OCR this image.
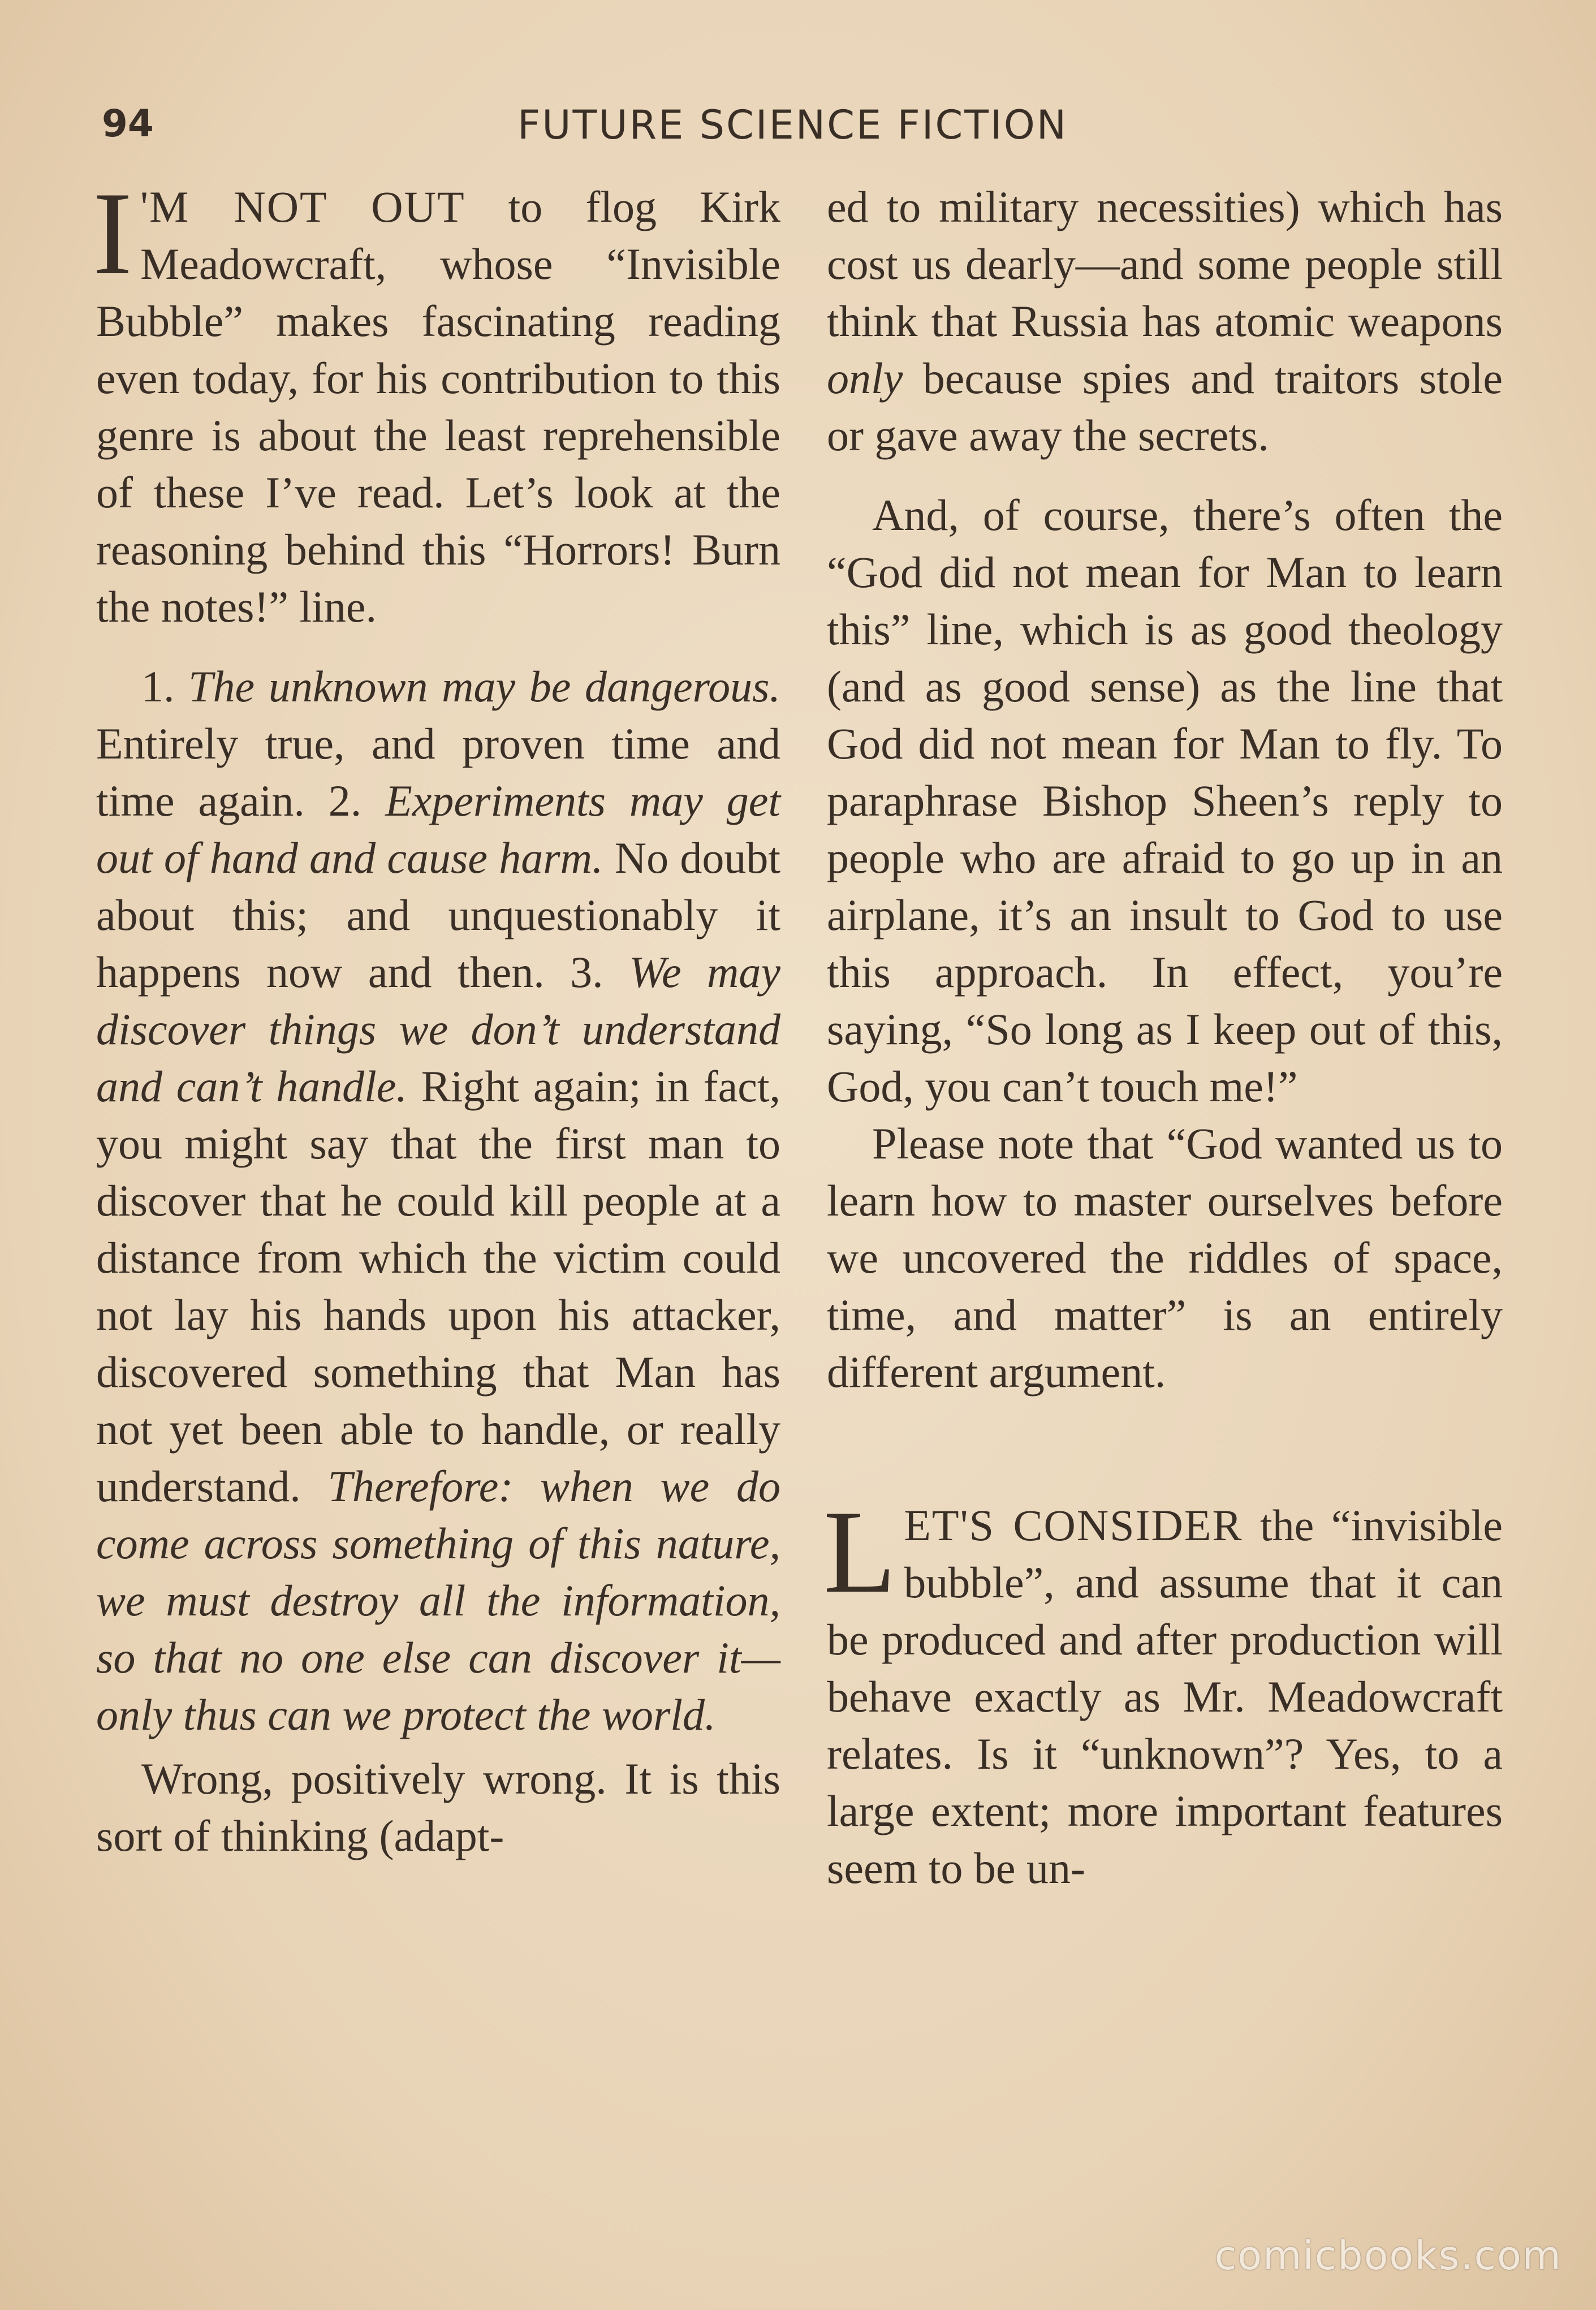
94	FUTURE SCIENCE FICTION

I 'M NOT OUT to flog Kirk Meadowcraft, whose “Invisible Bubble” makes fascinating reading even today, for his contribution to this genre is about the least reprehensible of these I’ve read. Let’s look at the reasoning behind this “Horrors! Burn the notes!” line.

1. The unknown may be dangerous. Entirely true, and proven time and time again. 2. Experiments may get out of hand and cause harm. No doubt about this; and unquestionably it happens now and then. 3. We may discover things we don’t understand and can’t handle. Right again; in fact, you might say that the first man to discover that he could kill people at a distance from which the victim could not lay his hands upon his attacker, discovered something that Man has not yet been able to handle, or really understand. Therefore: when we do come across something of this nature, we must destroy all the information, so that no one else can discover it—only thus can we protect the world.

Wrong, positively wrong. It is this sort of thinking (adapt-

ed to military necessities) which has cost us dearly—and some people still think that Russia has atomic weapons only because spies and traitors stole or gave away the secrets.

And, of course, there’s often the “God did not mean for Man to learn this” line, which is as good theology (and as good sense) as the line that God did not mean for Man to fly. To paraphrase Bishop Sheen’s reply to people who are afraid to go up in an airplane, it’s an insult to God to use this approach. In effect, you’re saying, “So long as I keep out of this, God, you can’t touch me!”

Please note that “God wanted us to learn how to master ourselves before we uncovered the riddles of space, time, and matter” is an entirely different argument.

LET'S CONSIDER the “invisible bubble”, and assume that it can be produced and after production will behave exactly as Mr. Meadowcraft relates. Is it “unknown”? Yes, to a large extent; more important features seem to be un-

comicbooks.com
